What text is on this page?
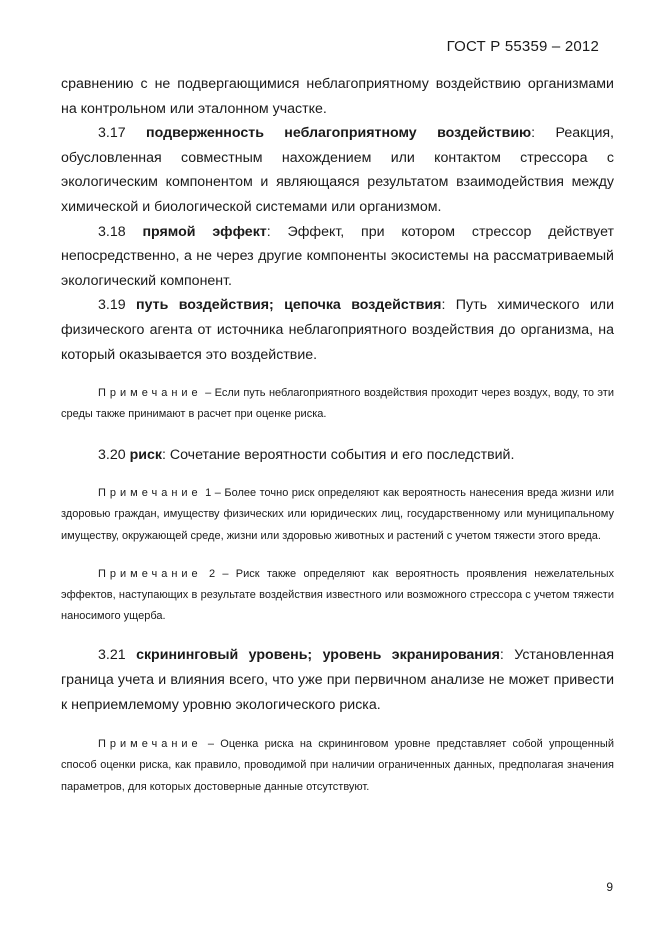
ГОСТ Р 55359 – 2012

сравнению с не подвергающимися неблагоприятному воздействию организмами на контрольном или эталонном участке.

3.17 подверженность неблагоприятному воздействию: Реакция, обусловленная совместным нахождением или контактом стрессора с экологическим компонентом и являющаяся результатом взаимодействия между химической и биологической системами или организмом.

3.18 прямой эффект: Эффект, при котором стрессор действует непосредственно, а не через другие компоненты экосистемы на рассматриваемый экологический компонент.

3.19 путь воздействия; цепочка воздействия: Путь химического или физического агента от источника неблагоприятного воздействия до организма, на который оказывается это воздействие.

Примечание – Если путь неблагоприятного воздействия проходит через воздух, воду, то эти среды также принимают в расчет при оценке риска.

3.20 риск: Сочетание вероятности события и его последствий.

Примечание 1 – Более точно риск определяют как вероятность нанесения вреда жизни или здоровью граждан, имуществу физических или юридических лиц, государственному или муниципальному имуществу, окружающей среде, жизни или здоровью животных и растений с учетом тяжести этого вреда.

Примечание 2 – Риск также определяют как вероятность проявления нежелательных эффектов, наступающих в результате воздействия известного или возможного стрессора с учетом тяжести наносимого ущерба.

3.21 скрининговый уровень; уровень экранирования: Установленная граница учета и влияния всего, что уже при первичном анализе не может привести к неприемлемому уровню экологического риска.

Примечание – Оценка риска на скрининговом уровне представляет собой упрощенный способ оценки риска, как правило, проводимой при наличии ограниченных данных, предполагая значения параметров, для которых достоверные данные отсутствуют.

9
